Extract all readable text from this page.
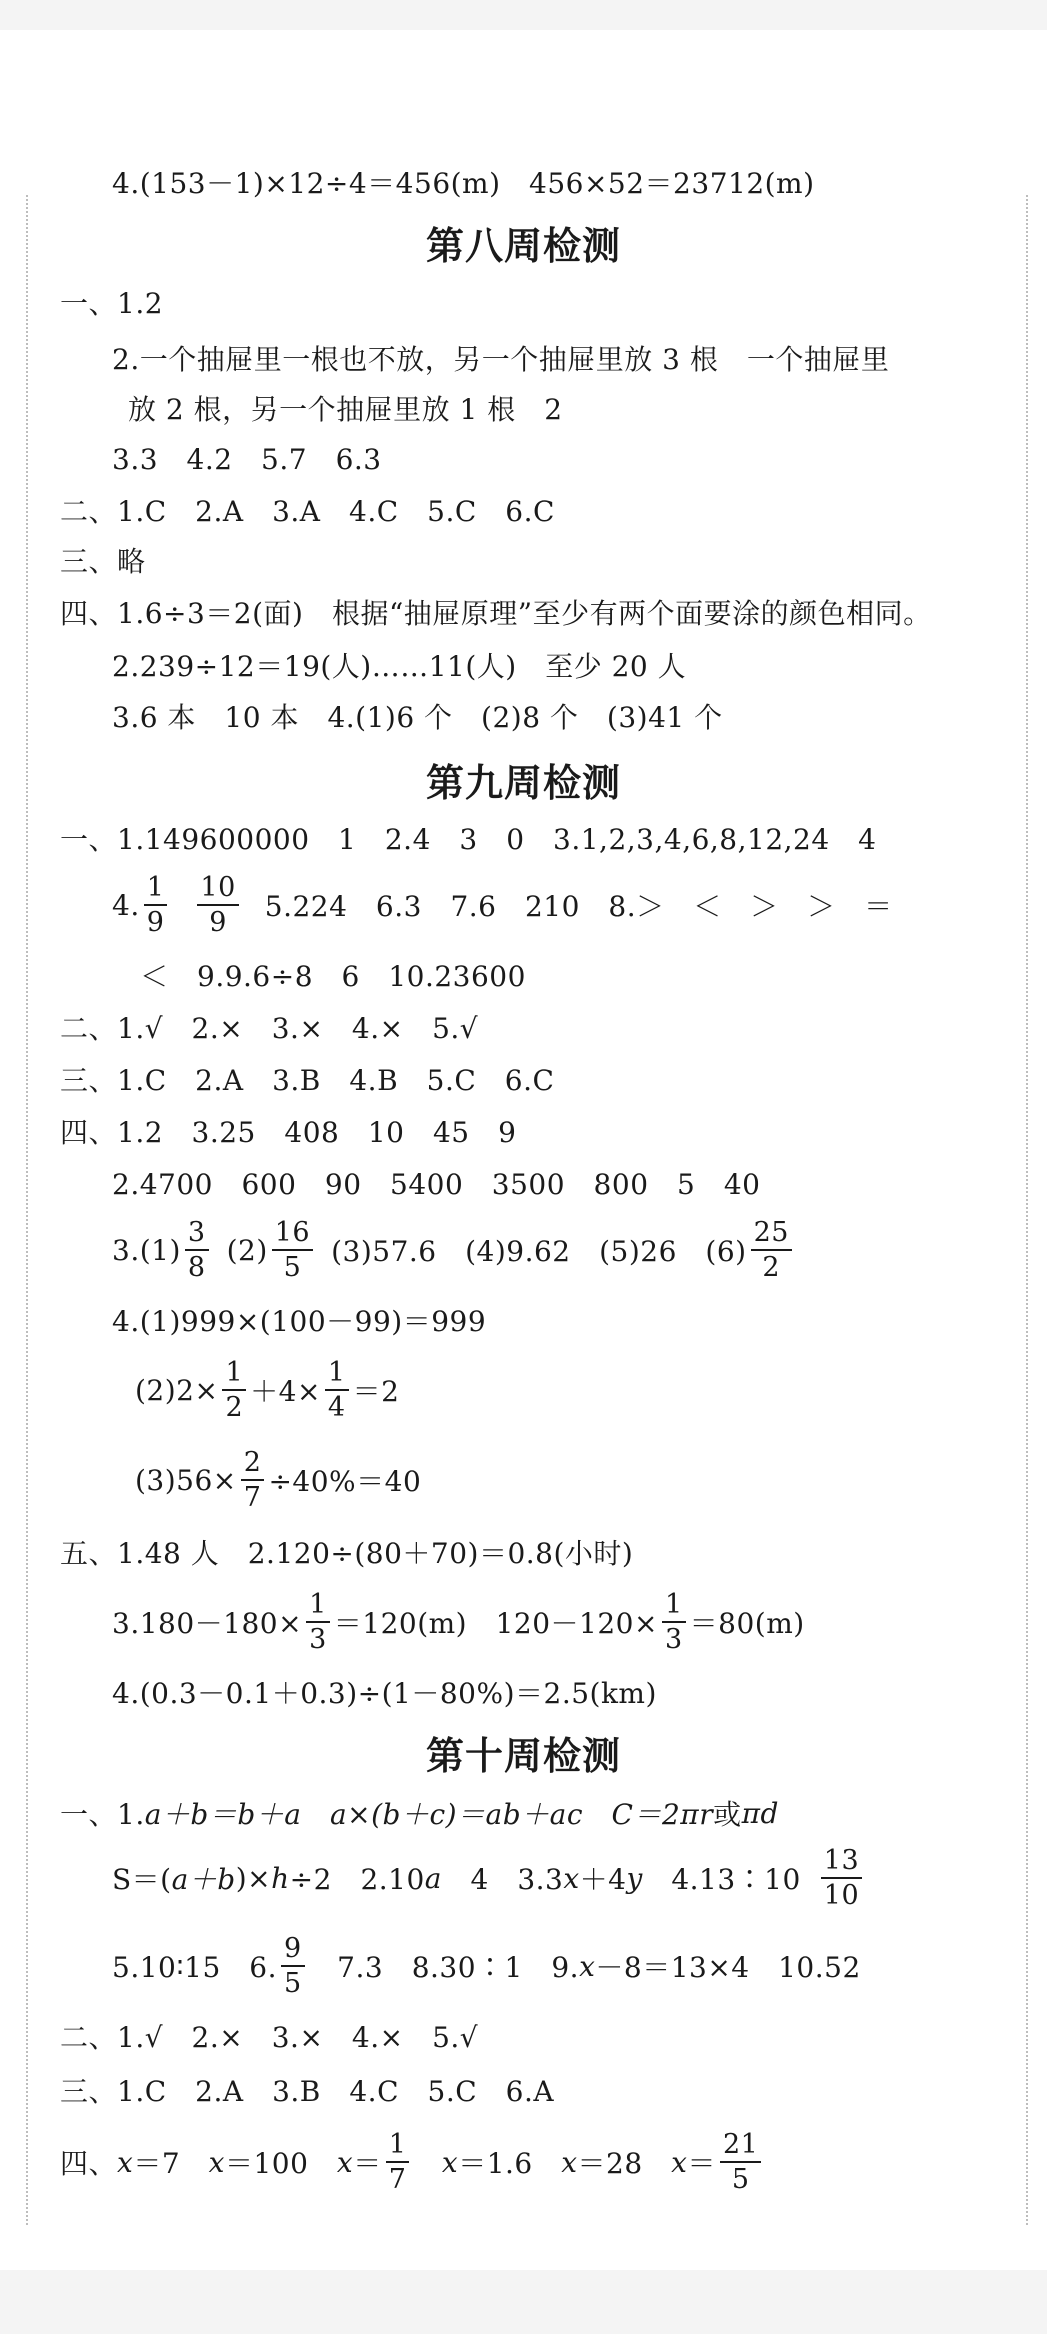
4.(153－1)×12÷4＝456(m)　456×52＝23712(m)
第八周检测
一、1.2
2.一个抽屉里一根也不放，另一个抽屉里放 3 根　一个抽屉里
放 2 根，另一个抽屉里放 1 根　2
3.3　4.2　5.7　6.3
二、1.C　2.A　3.A　4.C　5.C　6.C
三、略
四、1.6÷3＝2(面)　根据“抽屉原理”至少有两个面要涂的颜色相同。
2.239÷12＝19(人)……11(人)　至少 20 人
3.6 本　10 本　4.(1)6 个　(2)8 个　(3)41 个
第九周检测
一、1.149600000　1　2.4　3　0　3.1,2,3,4,6,8,12,24　4
4. $\frac{1}{9} \frac{10}{9} 5.224$　6.3　7.6　210　8.＞　＜　＞　＞　＝
＜　9.9.6÷8　6　10.23600
二、1.√　2.×　3.×　4.×　5.√
三、1.C　2.A　3.B　4.B　5.C　6.C
四、1.2　3.25　408　10　45　9
2.4700　600　90　5400　3500　800　5　40
$3.(1) \frac{3}{8} (2) \frac{16}{5} (3)57.6$　(4)9.62　(5)26　$(6) \frac{25}{2}$
4.(1)999×(100－99)＝999
$(2)2\times \frac{1}{2} +4\times \frac{1}{4} =2$
$(3)56\times \frac{2}{7} \div 40\%=40$
五、1.48 人　2.120÷(80＋70)＝0.8(小时)
$3.180-180\times \frac{1}{3} =120(m)$　$120-120\times \frac{1}{3} =80(m)$
4.(0.3－0.1＋0.3)÷(1－80%)＝2.5(km)
第十周检测
一、1. a＋b＝b＋a　a×(b＋c)＝ab＋ac　C＝2πr 或 πd
S＝( a＋b )× h ÷2　2.10 a 　4　3.3 x ＋4 y 　4.13∶10 $\frac{13}{10}$
5.10∶15　6. $\frac{9}{5}$ 　7.3　8.30∶1　9. x －8＝13×4　10.52
二、1.√　2.×　3.×　4.×　5.√
三、1.C　2.A　3.B　4.C　5.C　6.A
四、 x ＝7　 x ＝100　 $x = \frac{1}{7}$
　 x ＝1.6　 x ＝28　 $x = \frac{21}{5}$
